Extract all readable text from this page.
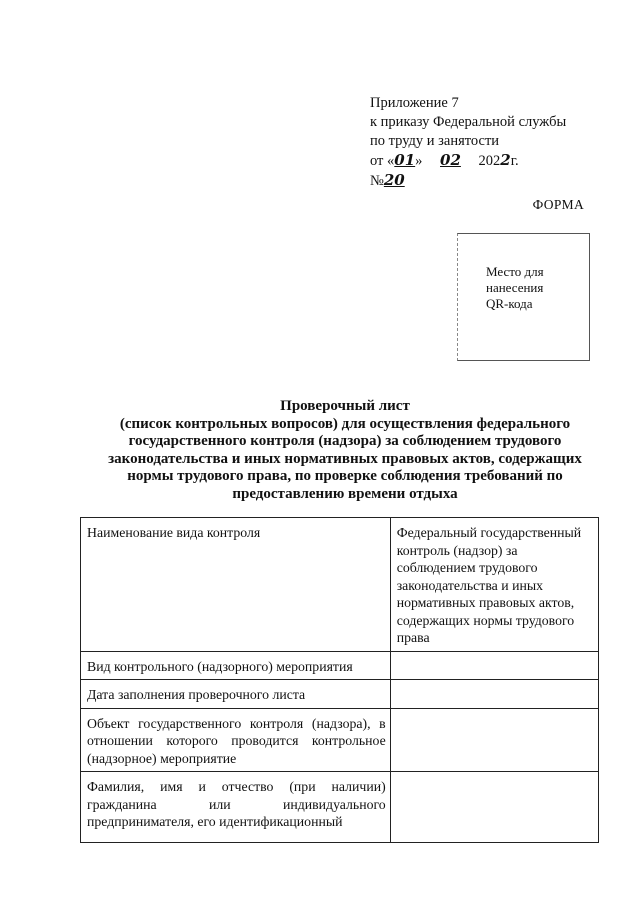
Приложение 7
к приказу Федеральной службы
по труду и занятости
от «01» 02 2022г.
№20
ФОРМА
Место для
нанесения
QR-кода
Проверочный лист
(список контрольных вопросов) для осуществления федерального
государственного контроля (надзора) за соблюдением трудового
законодательства и иных нормативных правовых актов, содержащих
нормы трудового права, по проверке соблюдения требований по
предоставлению времени отдыха
Наименование вида контроля	Федеральный государственный контроль (надзор) за соблюдением трудового законодательства и иных нормативных правовых актов, содержащих нормы трудового права
Вид контрольного (надзорного) мероприятия	
Дата заполнения проверочного листа	
Объект государственного контроля (надзора), в отношении которого проводится контрольное (надзорное) мероприятие	
Фамилия, имя и отчество (при наличии) гражданина или индивидуального предпринимателя, его идентификационный	
